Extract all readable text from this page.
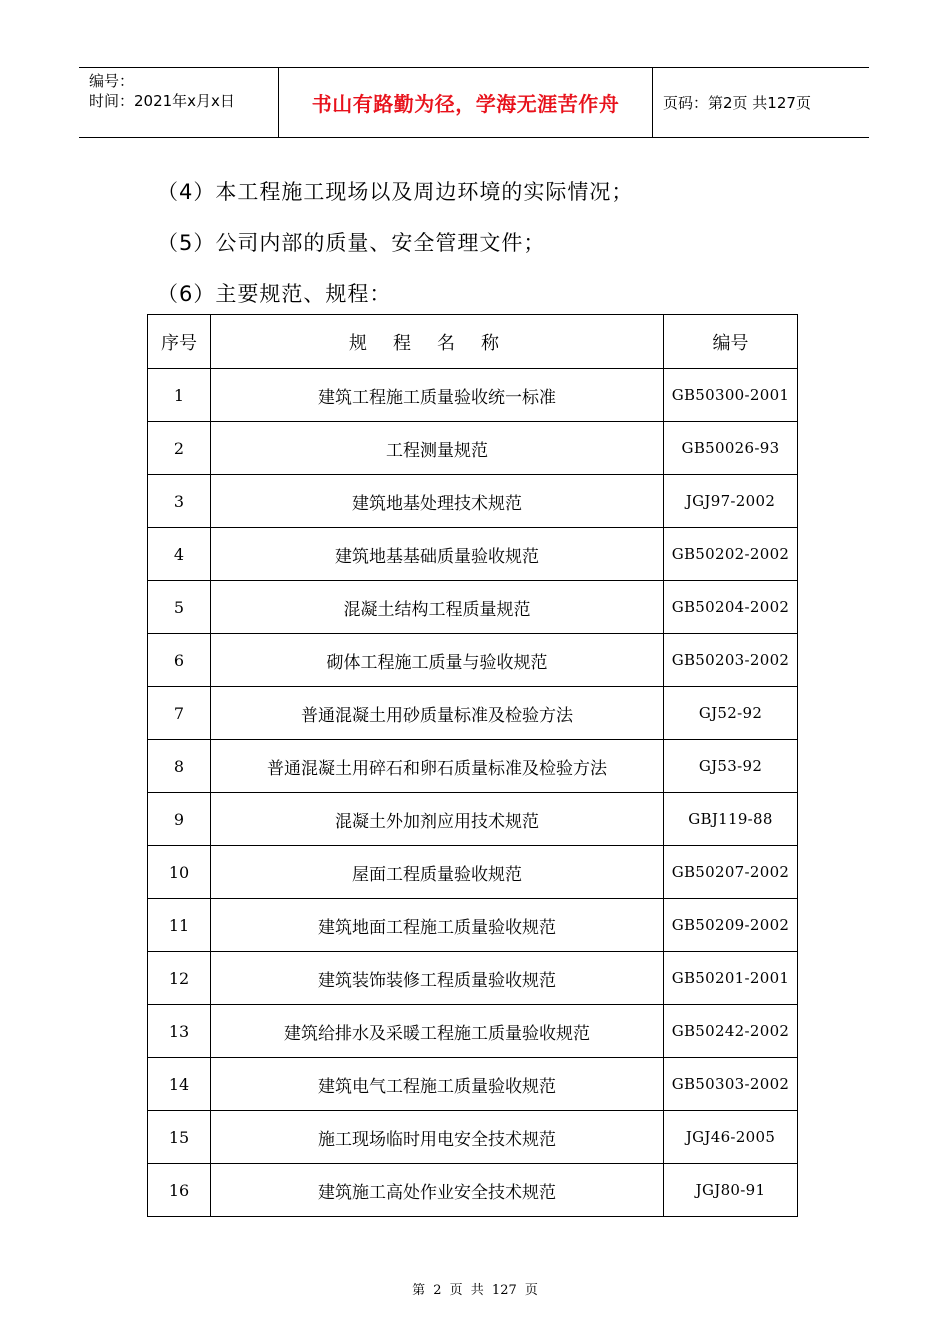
编号：
时间：2021年x月x日	书山有路勤为径，学海无涯苦作舟	页码：第2页 共127页
（4）本工程施工现场以及周边环境的实际情况；
（5）公司内部的质量、安全管理文件；
（6）主要规范、规程：
序号	规程名称	编号
1	建筑工程施工质量验收统一标准	GB50300-2001
2	工程测量规范	GB50026-93
3	建筑地基处理技术规范	JGJ97-2002
4	建筑地基基础质量验收规范	GB50202-2002
5	混凝土结构工程质量规范	GB50204-2002
6	砌体工程施工质量与验收规范	GB50203-2002
7	普通混凝土用砂质量标准及检验方法	GJ52-92
8	普通混凝土用碎石和卵石质量标准及检验方法	GJ53-92
9	混凝土外加剂应用技术规范	GBJ119-88
10	屋面工程质量验收规范	GB50207-2002
11	建筑地面工程施工质量验收规范	GB50209-2002
12	建筑装饰装修工程质量验收规范	GB50201-2001
13	建筑给排水及采暖工程施工质量验收规范	GB50242-2002
14	建筑电气工程施工质量验收规范	GB50303-2002
15	施工现场临时用电安全技术规范	JGJ46-2005
16	建筑施工高处作业安全技术规范	JGJ80-91
第 2 页 共 127 页
